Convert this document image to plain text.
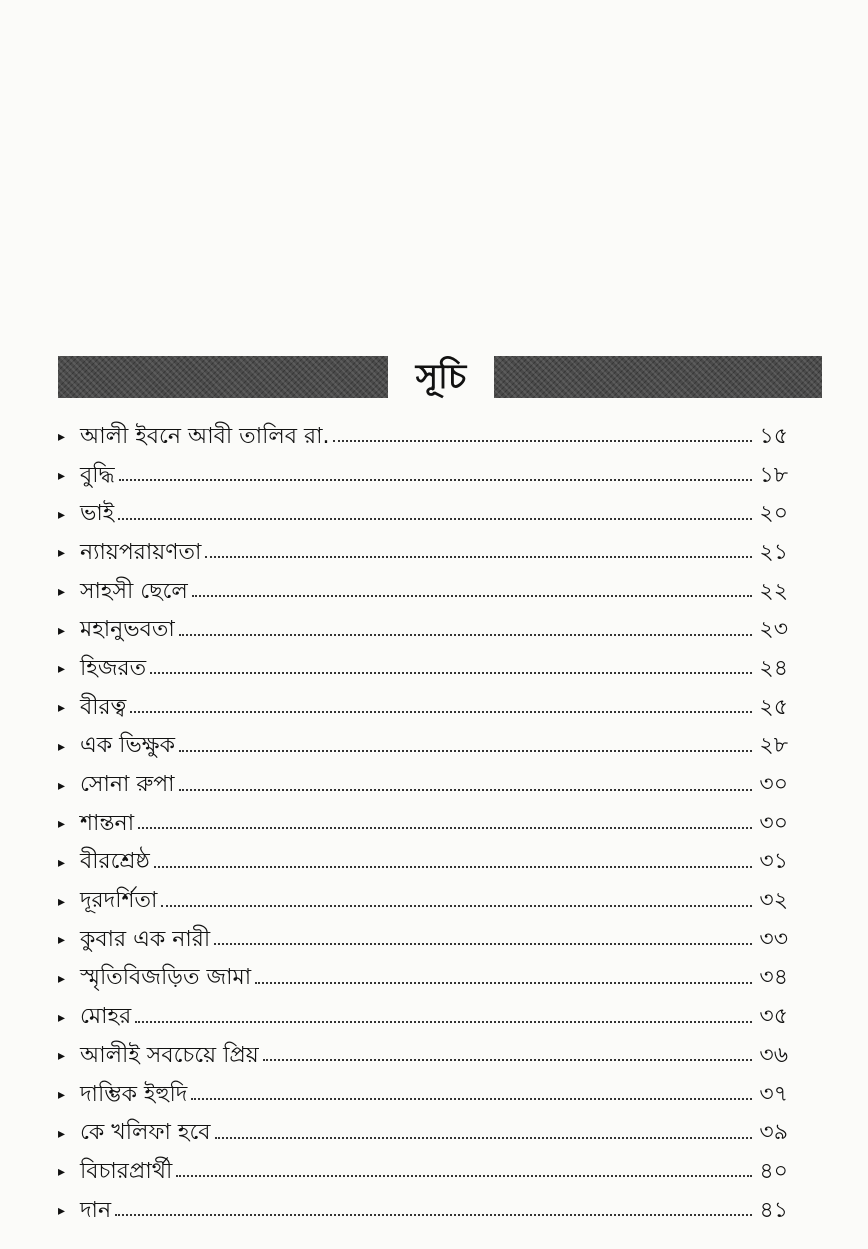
সূচি
▸ আলী ইবনে আবী তালিব রা.	১৫
▸ বুদ্ধি	১৮
▸ ভাই	২০
▸ ন্যায়পরায়ণতা	২১
▸ সাহসী ছেলে	২২
▸ মহানুভবতা	২৩
▸ হিজরত	২৪
▸ বীরত্ব	২৫
▸ এক ভিক্ষুক	২৮
▸ সোনা রুপা	৩০
▸ শান্তনা	৩০
▸ বীরশ্রেষ্ঠ	৩১
▸ দূরদর্শিতা	৩২
▸ কুবার এক নারী	৩৩
▸ স্মৃতিবিজড়িত জামা	৩৪
▸ মোহর	৩৫
▸ আলীই সবচেয়ে প্রিয়	৩৬
▸ দাম্ভিক ইহুদি	৩৭
▸ কে খলিফা হবে	৩৯
▸ বিচারপ্রার্থী	৪০
▸ দান	৪১
